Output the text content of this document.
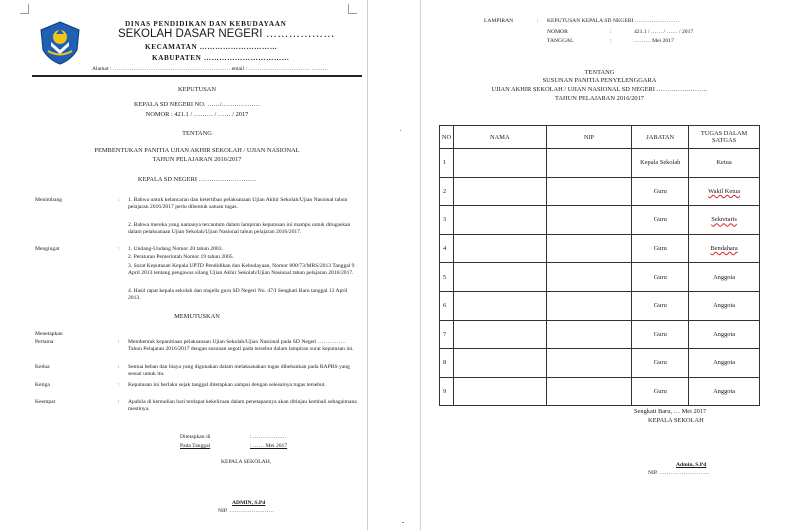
DINAS PENDIDIKAN DAN KEBUDAYAAN
SEKOLAH DASAR NEGERI ………………
KECAMATAN …………………………
KABUPATEN ……………………………
Alamat : ……………………………………………………… email : …………………………… ………
KEPUTUSAN
KEPALA SD NEGERI NO. ……/………………
NOMOR : 421.1 / ……… / …… / 2017
TENTANG
PEMBENTUKAN PANITIA UJIAN AKHIR SEKOLAH / UJIAN NASIONAL
TAHUN PELAJARAN 2016/2017
KEPALA SD NEGERI ………………………
Menimbang	: 1. Bahwa untuk kelancaran dan ketertiban pelaksanaan Ujian Akhir Sekolah/Ujian Nasional tahun pelajaran 2016/2017 perlu dibentuk satuan tugas.
2. Bahwa mereka yang namanya tercantum dalam lampiran keputusan ini mampu untuk ditugaskan dalam pelaksanaan Ujian Sekolah/Ujian Nasional tahun pelajaran 2016/2017.
Mengingat	: 1. Undang-Undang Nomor 20 tahun 2003.
2. Peraturan Pemerintah Nomor 19 tahun 2005.
3. Surat Keputusan Kepala UPTD Pendidikan dan Kebudayaan, Nomor 800/73/MRS/2013 Tanggal 9 April 2013 tentang pengawas silang Ujian Akhir Sekolah/Ujian Nasional tahun pelajaran 2016/2017.
4. Hasil rapat kepala sekolah dan majelis guru SD Negeri No. 47/I Sengkati Baru tanggal 13 April 2013.
MEMUTUSKAN
Menetapkan
Pertama	: Membentuk kepanitiaan pelaksanaan Ujian Sekolah/Ujian Nasional pada SD Negeri ……………Tahun Pelajaran 2016/2017 dengan susunan segoti pada tersebut dalam lampiran surat keputusan ini.
Kedua	: Semua beban dan biaya yang digunakan dalam melaksanakan tugas dibebankan pada RAPBS yang sesuai untuk itu.
Ketiga	: Keputusan ini berlaku sejak tanggal ditetapkan sampai dengan selesainya tugas tersebut.
Keempat	: Apabila di kemudian hari terdapat kekeliruan dalam penetapannya akan ditinjau kembali sebagaimana mestinya.
Ditetapkan di	: ………………
Pada Tanggal	: …… Mei 2017
KEPALA SEKOLAH,
ADMIN, S.Pd
NIP. ……………………
LAMPIRAN	: KEPUTUSAN KEPALA SD NEGERI ……………………
NOMOR	:	421.1 / …… / …… / 2017
TANGGAL	:	……… Mei 2017
TENTANG
SUSUNAN PANITIA PENYELENGGARA
UJIAN AKHIR SEKOLAH / UJIAN NASIONAL SD NEGERI ……………………
TAHUN PELAJARAN 2016/2017
NO	NAMA	NIP	JABATAN	TUGAS DALAM
SATGAS

1			Kepala Sekolah	Ketua
2			Guru	Wakil Ketua
3			Guru	Sekretaris
4			Guru	Bendahara
5			Guru	Anggota
6			Guru	Anggota
7			Guru	Anggota
8			Guru	Anggota
9			Guru	Anggota
Sengkati Baru, … Mei 2017
KEPALA SEKOLAH
Admin, S.Pd
NIP. ………………………
